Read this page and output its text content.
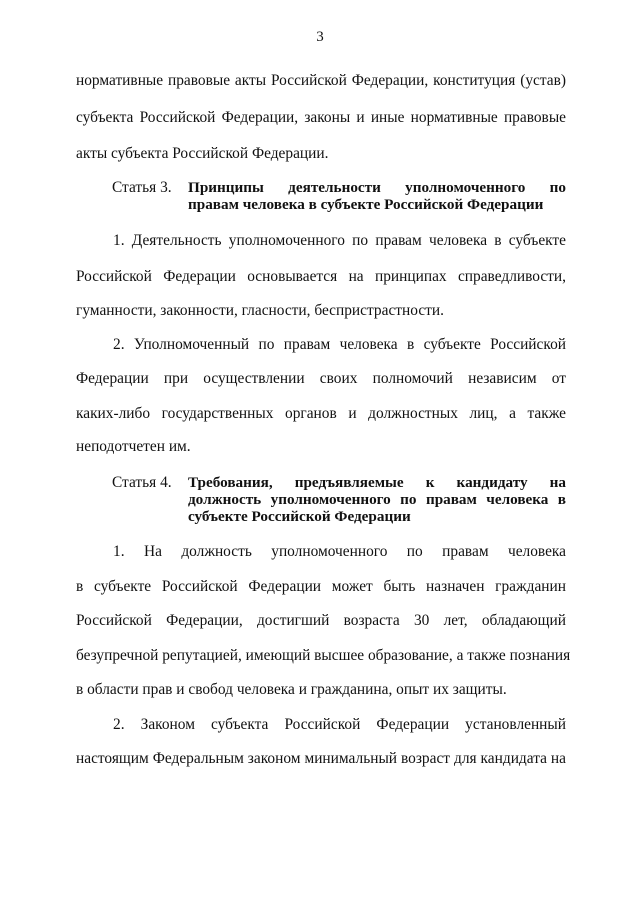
3
нормативные правовые акты Российской Федерации, конституция (устав)
субъекта Российской Федерации, законы и иные нормативные правовые
акты субъекта Российской Федерации.
Статья 3. Принципы деятельности уполномоченного по
правам человека в субъекте Российской Федерации
1. Деятельность уполномоченного по правам человека в субъекте
Российской Федерации основывается на принципах справедливости,
гуманности, законности, гласности, беспристрастности.
2. Уполномоченный по правам человека в субъекте Российской
Федерации при осуществлении своих полномочий независим от
каких-либо государственных органов и должностных лиц, а также
неподотчетен им.
Статья 4. Требования, предъявляемые к кандидату на
должность уполномоченного по правам человека в
субъекте Российской Федерации
1. На должность уполномоченного по правам человека
в субъекте Российской Федерации может быть назначен гражданин
Российской Федерации, достигший возраста 30 лет, обладающий
безупречной репутацией, имеющий высшее образование, а также познания
в области прав и свобод человека и гражданина, опыт их защиты.
2. Законом субъекта Российской Федерации установленный
настоящим Федеральным законом минимальный возраст для кандидата на
